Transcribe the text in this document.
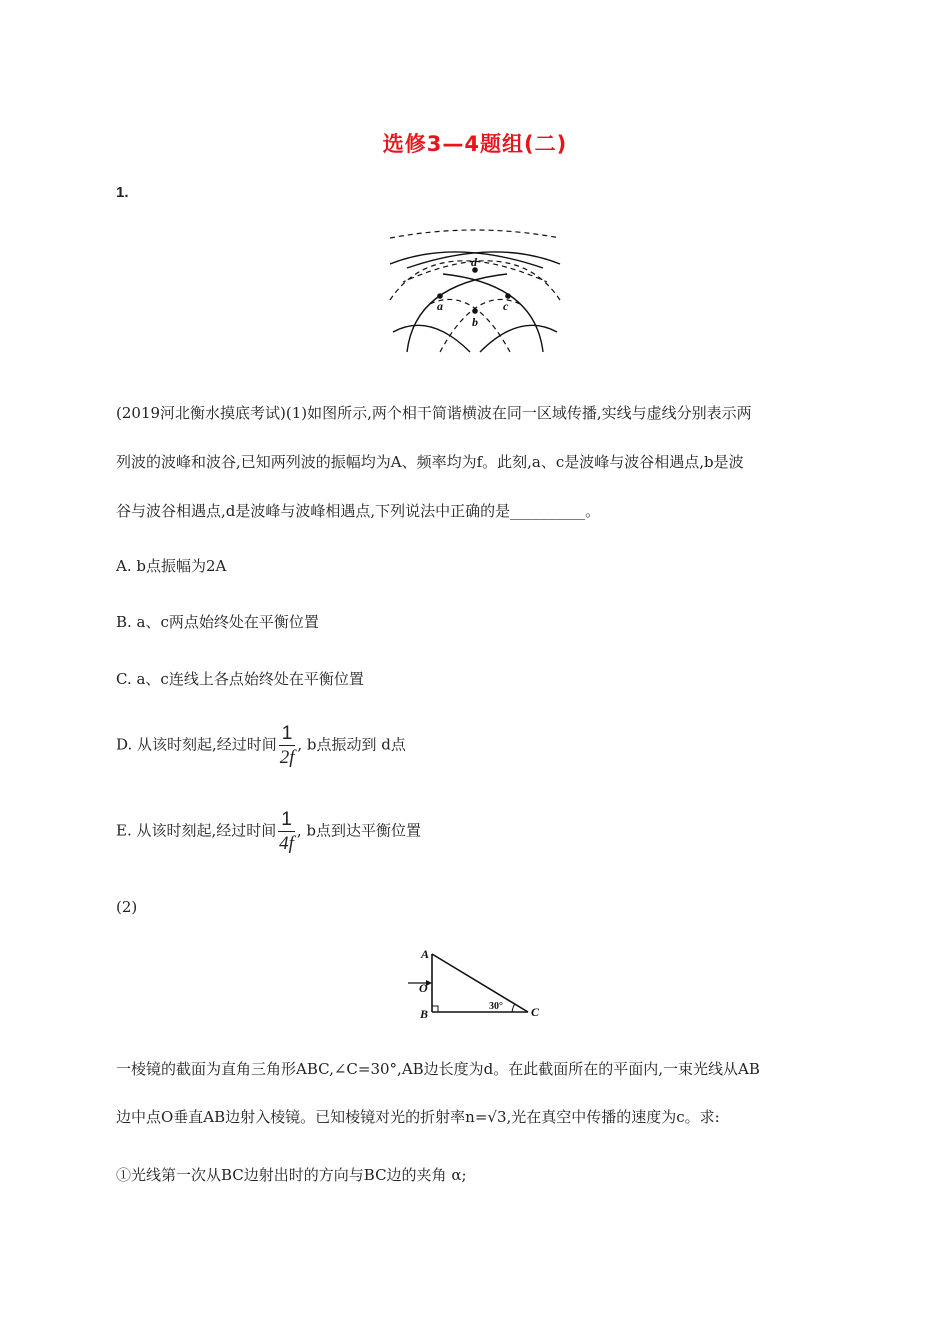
选修3—4题组(二)
1.
d
a
b
c
(2019河北衡水摸底考试)(1)如图所示,两个相干简谐横波在同一区域传播,实线与虚线分别表示两
列波的波峰和波谷,已知两列波的振幅均为A、频率均为f。此刻,a、c是波峰与波谷相遇点,b是波
谷与波谷相遇点,d是波峰与波峰相遇点,下列说法中正确的是__________。
A. b点振幅为2A
B. a、c两点始终处在平衡位置
C. a、c连线上各点始终处在平衡位置
D. 从该时刻起,经过时间 $\frac{1}{2f}$ , b点振动到 d点
E. 从该时刻起,经过时间 $\frac{1}{4f}$ , b点到达平衡位置
(2)
A
O
B	C
30°
一棱镜的截面为直角三角形ABC,∠C=30°,AB边长度为d。在此截面所在的平面内,一束光线从AB
边中点O垂直AB边射入棱镜。已知棱镜对光的折射率n=√3,光在真空中传播的速度为c。求:
①光线第一次从BC边射出时的方向与BC边的夹角 α;
